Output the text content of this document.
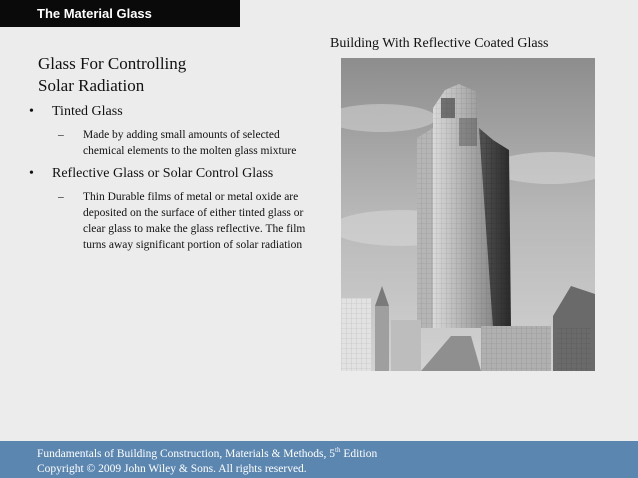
The Material Glass
Building With Reflective Coated Glass
Glass For Controlling
Solar Radiation
• Tinted Glass
– Made by adding small amounts of selected chemical elements to the molten glass mixture
• Reflective Glass or Solar Control Glass
– Thin Durable films of metal or metal oxide are deposited on the surface of either tinted glass or clear glass to make the glass reflective. The film turns away significant portion of solar radiation
Fundamentals of Building Construction, Materials & Methods, 5th Edition
Copyright © 2009 John Wiley & Sons. All rights reserved.
